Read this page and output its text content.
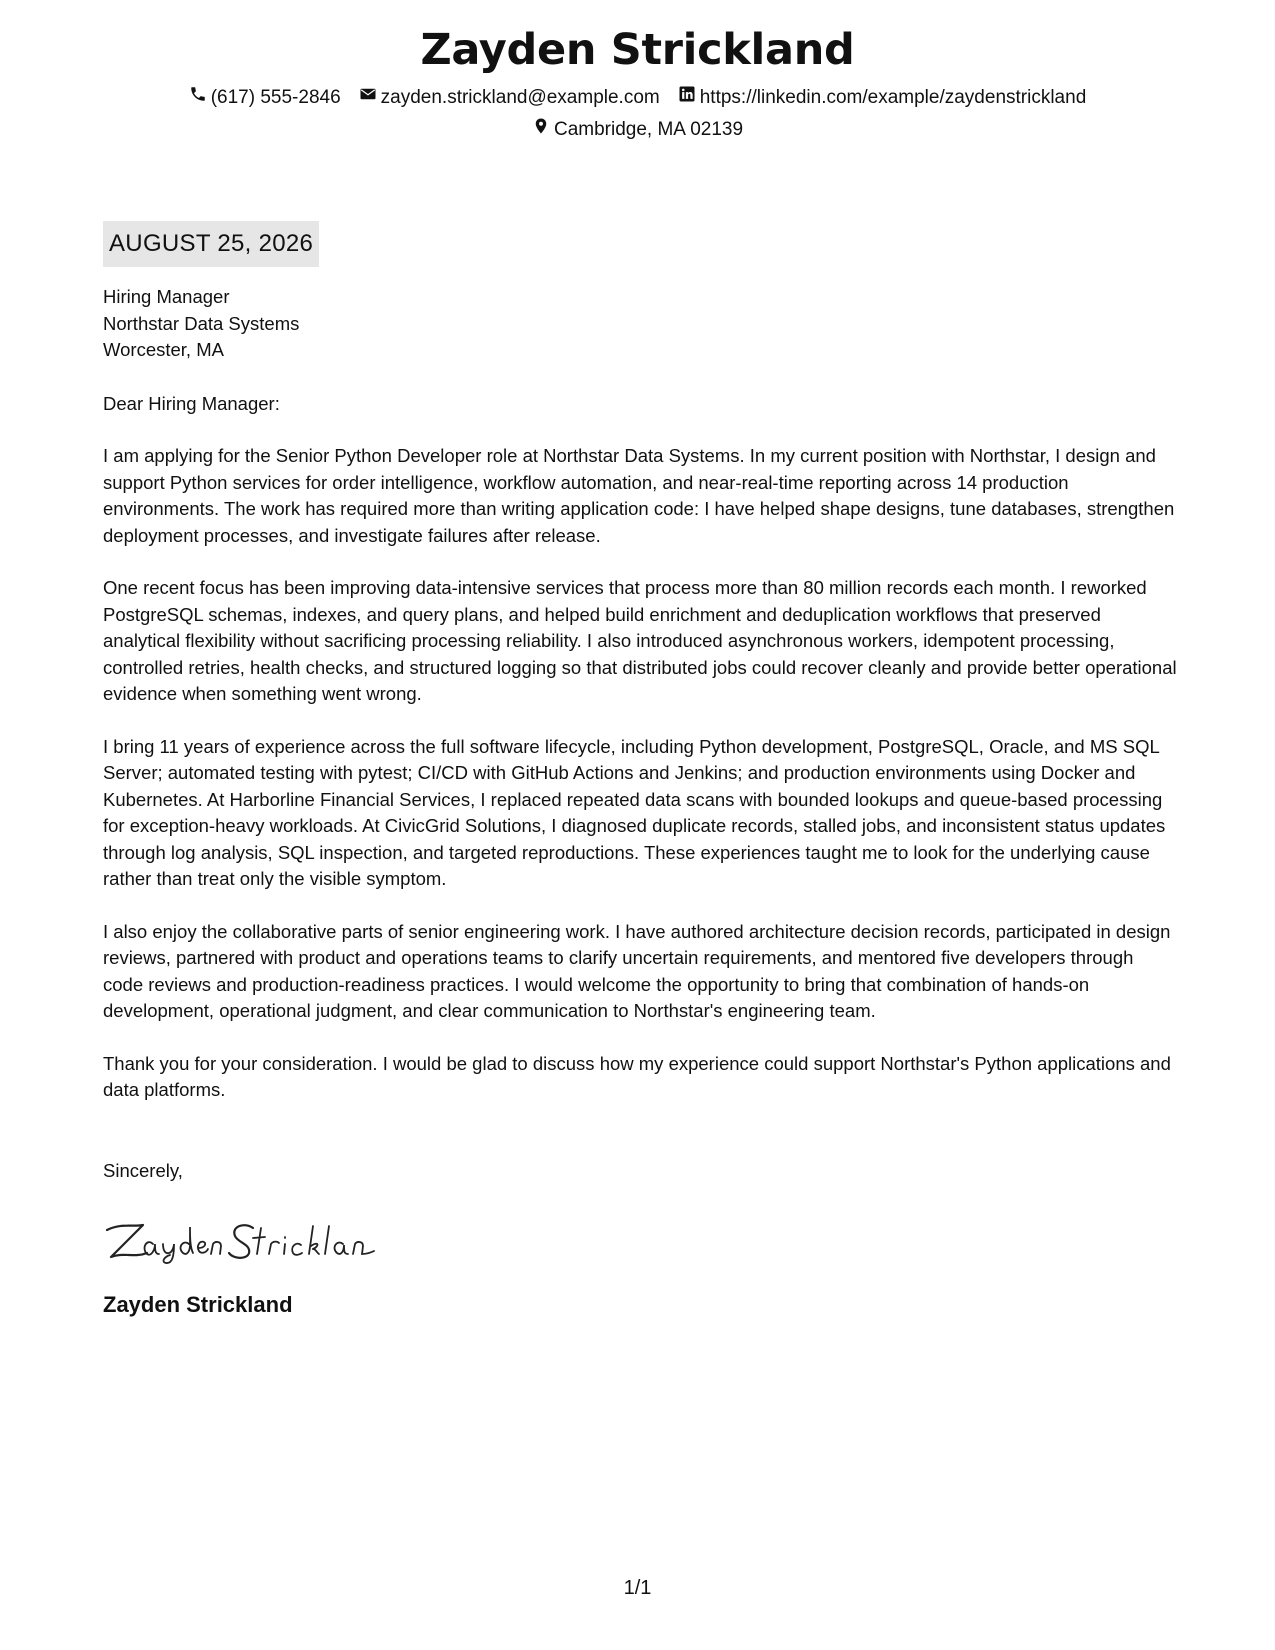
Zayden Strickland
(617) 555-2846 zayden.strickland@example.com https://linkedin.com/example/zaydenstrickland
Cambridge, MA 02139
AUGUST 25, 2026
Hiring Manager
Northstar Data Systems
Worcester, MA
Dear Hiring Manager:

I am applying for the Senior Python Developer role at Northstar Data Systems. In my current position with Northstar, I design and support Python services for order intelligence, workflow automation, and near-real-time reporting across 14 production environments. The work has required more than writing application code: I have helped shape designs, tune databases, strengthen deployment processes, and investigate failures after release.

One recent focus has been improving data-intensive services that process more than 80 million records each month. I reworked PostgreSQL schemas, indexes, and query plans, and helped build enrichment and deduplication workflows that preserved analytical flexibility without sacrificing processing reliability. I also introduced asynchronous workers, idempotent processing, controlled retries, health checks, and structured logging so that distributed jobs could recover cleanly and provide better operational evidence when something went wrong.

I bring 11 years of experience across the full software lifecycle, including Python development, PostgreSQL, Oracle, and MS SQL Server; automated testing with pytest; CI/CD with GitHub Actions and Jenkins; and production environments using Docker and Kubernetes. At Harborline Financial Services, I replaced repeated data scans with bounded lookups and queue-based processing for exception-heavy workloads. At CivicGrid Solutions, I diagnosed duplicate records, stalled jobs, and inconsistent status updates through log analysis, SQL inspection, and targeted reproductions. These experiences taught me to look for the underlying cause rather than treat only the visible symptom.

I also enjoy the collaborative parts of senior engineering work. I have authored architecture decision records, participated in design reviews, partnered with product and operations teams to clarify uncertain requirements, and mentored five developers through code reviews and production-readiness practices. I would welcome the opportunity to bring that combination of hands-on development, operational judgment, and clear communication to Northstar's engineering team.

Thank you for your consideration. I would be glad to discuss how my experience could support Northstar's Python applications and data platforms.

Sincerely,
Zayden Strickland
1/1
